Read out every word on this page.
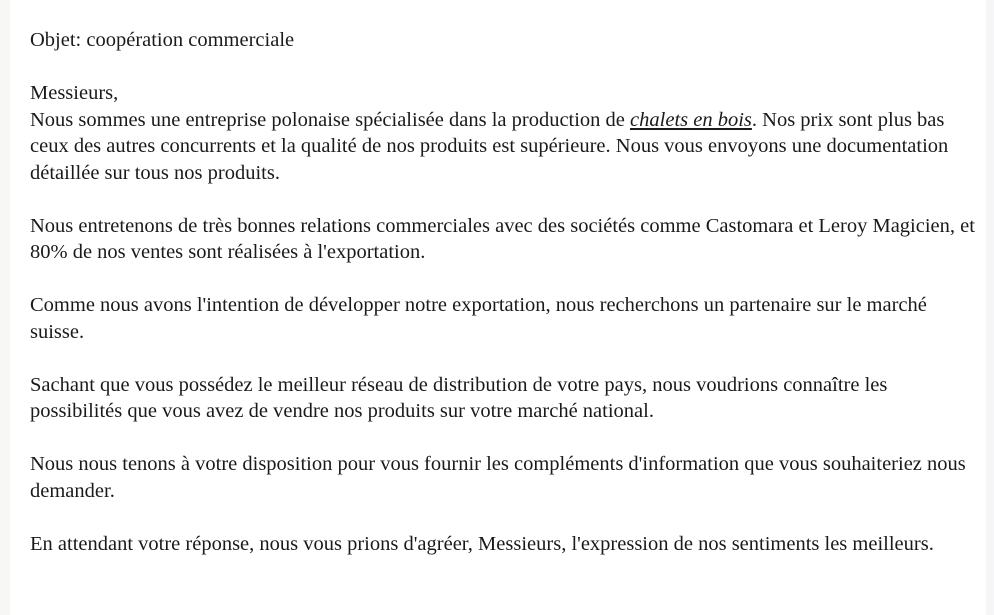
Objet: coopération commerciale

Messieurs,

Nous sommes une entreprise polonaise spécialisée dans la production de chalets en bois. Nos prix sont plus bas ceux des autres concurrents et la qualité de nos produits est supérieure. Nous vous envoyons une documentation détaillée sur tous nos produits.

Nous entretenons de très bonnes relations commerciales avec des sociétés comme Castomara et Leroy Magicien, et 80% de nos ventes sont réalisées à l'exportation.

Comme nous avons l'intention de développer notre exportation, nous recherchons un partenaire sur le marché suisse.

Sachant que vous possédez le meilleur réseau de distribution de votre pays, nous voudrions connaître les possibilités que vous avez de vendre nos produits sur votre marché national.

Nous nous tenons à votre disposition pour vous fournir les compléments d'information que vous souhaiteriez nous demander.

En attendant votre réponse, nous vous prions d'agréer, Messieurs, l'expression de nos sentiments les meilleurs.
